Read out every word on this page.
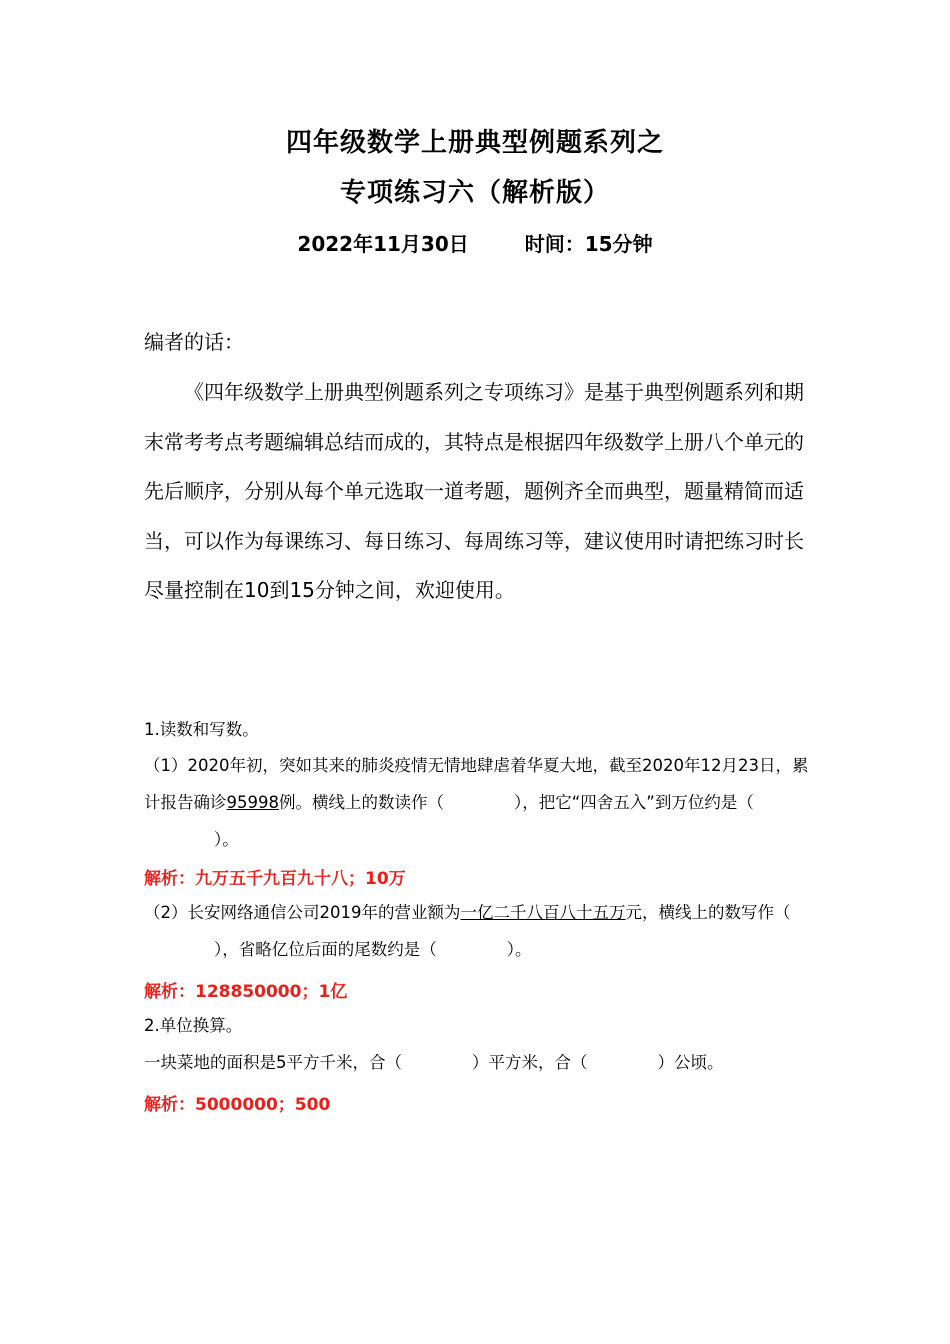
四年级数学上册典型例题系列之
专项练习六（解析版）
2022年11月30日	时间：15分钟
编者的话：
《四年级数学上册典型例题系列之专项练习》是基于典型例题系列和期末常考考点考题编辑总结而成的，其特点是根据四年级数学上册八个单元的先后顺序，分别从每个单元选取一道考题，题例齐全而典型，题量精简而适当，可以作为每课练习、每日练习、每周练习等，建议使用时请把练习时长尽量控制在10到15分钟之间，欢迎使用。
1.读数和写数。
（1）2020年初，突如其来的肺炎疫情无情地肆虐着华夏大地，截至2020年12月23日，累计报告确诊95998例。横线上的数读作（	），把它“四舍五入”到万位约是（）。
解析：九万五千九百九十八；10万
（2）长安网络通信公司2019年的营业额为一亿二千八百八十五万元，横线上的数写作（），省略亿位后面的尾数约是（	）。
解析：128850000；1亿
2.单位换算。
一块菜地的面积是5平方千米，合（	）平方米，合（	）公顷。
解析：5000000；500
